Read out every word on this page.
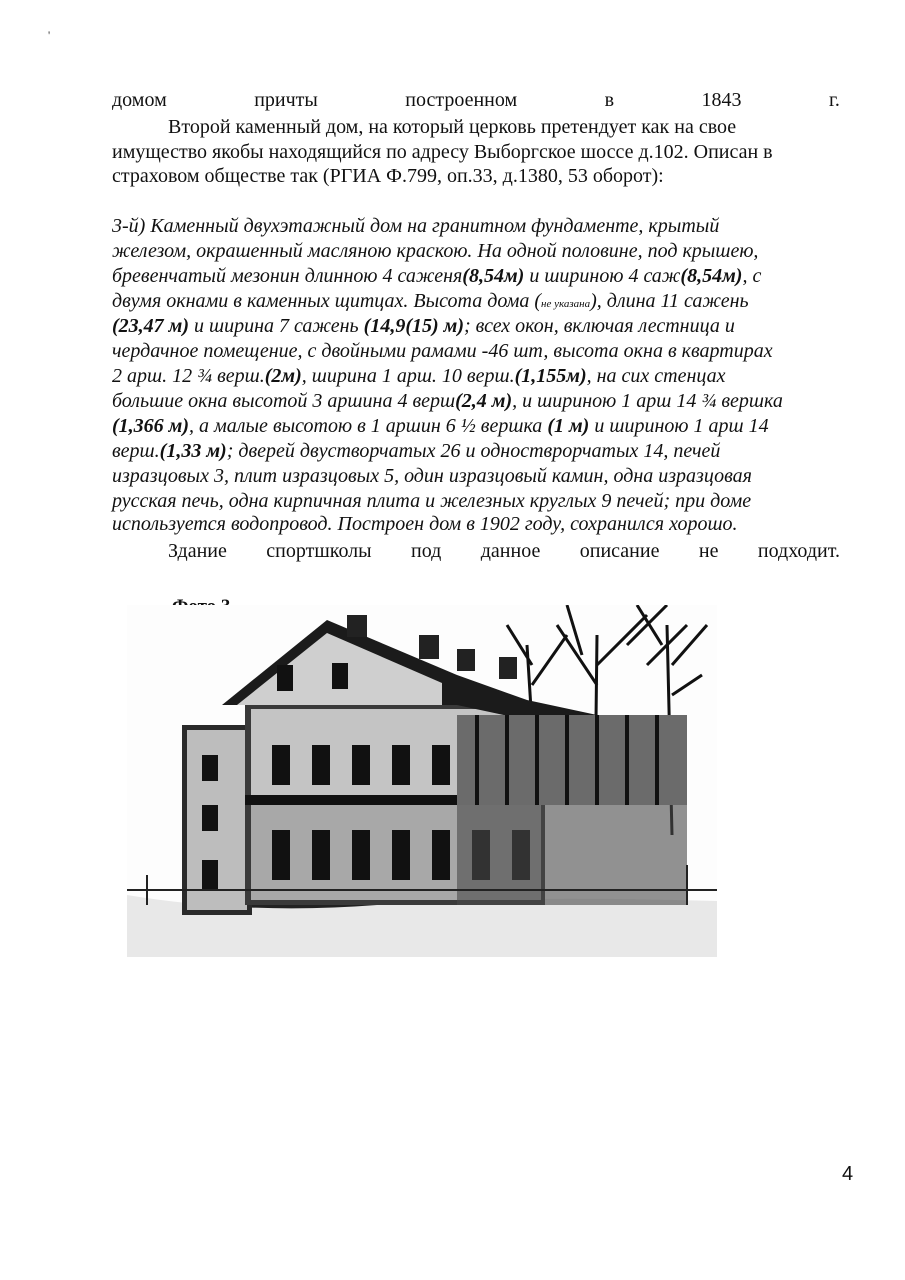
'
домом	причты	построенном	в	1843	г.
Второй каменный дом, на который церковь претендует как на свое
имущество якобы находящийся по адресу Выборгское шоссе д.102. Описан в
страховом обществе так (РГИА Ф.799, оп.33, д.1380, 53 оборот):
3-й) Каменный двухэтажный дом на гранитном фундаменте, крытый
железом, окрашенный масляною краскою. На одной половине, под крышею,
бревенчатый мезонин длинною 4 саженя(8,54м) и шириною 4 саж(8,54м), с
двумя окнами в каменных щитцах. Высота дома (не указана), длина 11 сажень
(23,47 м) и ширина 7 сажень (14,9(15) м); всех окон, включая лестница и
чердачное помещение, с двойными рамами -46 шт, высота окна в квартирах
2 арш. 12 ¾ верш.(2м), ширина 1 арш. 10 верш.(1,155м), на сих стенцах
большие окна высотой 3 аршина 4 верш(2,4 м), и шириною 1 арш 14 ¾ вершка
(1,366 м), а малые высотою в 1 аршин 6 ½ вершка (1 м) и шириною 1 арш 14
верш.(1,33 м); дверей двустворчатых 26 и одностврорчатых 14, печей
изразцовых 3, плит изразцовых 5, один изразцовый камин, одна изразцовая
русская печь, одна кирпичная плита и железных круглых 9 печей; при доме
используется водопровод. Построен дом в 1902 году, сохранился хорошо.
Здание спортшколы под данное описание не подходит.
4
